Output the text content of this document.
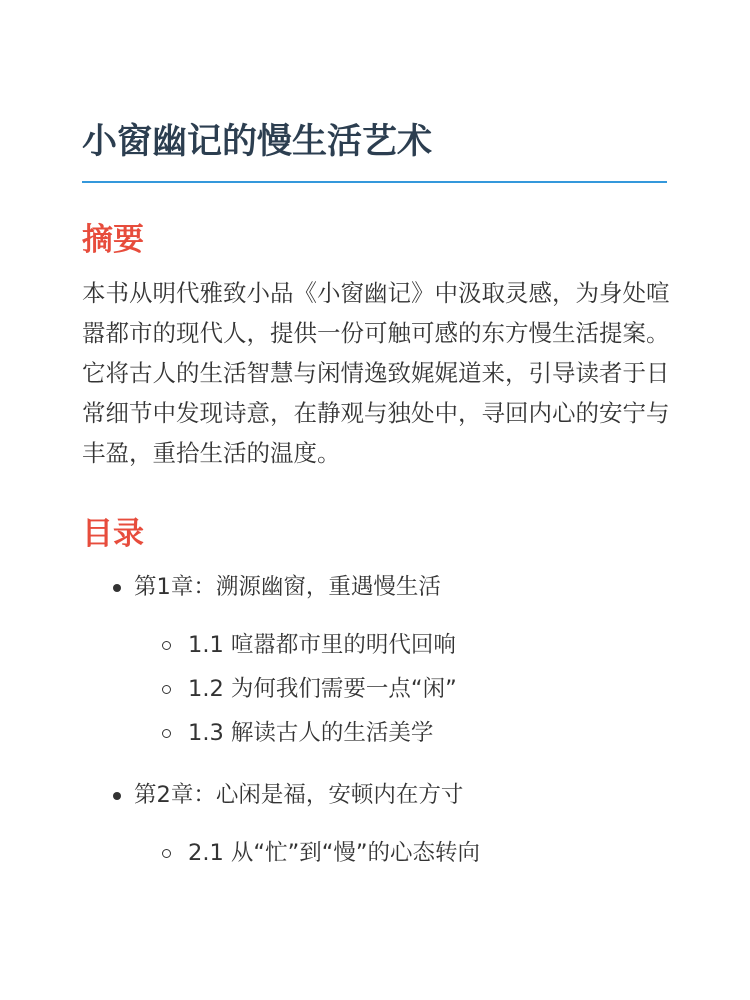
小窗幽记的慢生活艺术
摘要

本书从明代雅致小品《小窗幽记》中汲取灵感，为身处喧嚣都市的现代人，提供一份可触可感的东方慢生活提案。它将古人的生活智慧与闲情逸致娓娓道来，引导读者于日常细节中发现诗意，在静观与独处中，寻回内心的安宁与丰盈，重拾生活的温度。

目录
第1章：溯源幽窗，重遇慢生活
1.1 喧嚣都市里的明代回响
1.2 为何我们需要一点“闲”
1.3 解读古人的生活美学
第2章：心闲是福，安顿内在方寸
2.1 从“忙”到“慢”的心态转向
